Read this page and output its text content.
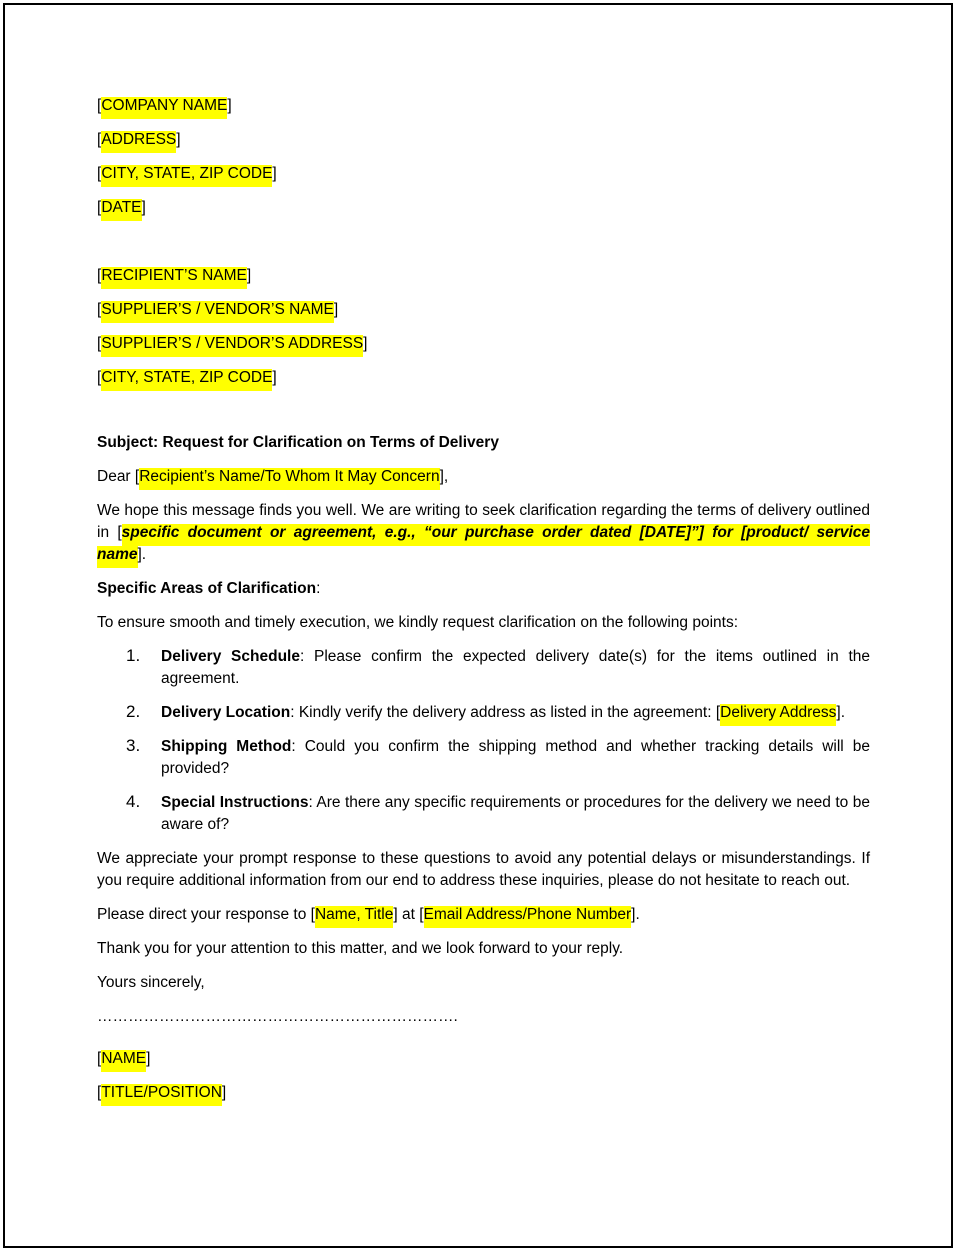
[COMPANY NAME]
[ADDRESS]
[CITY, STATE, ZIP CODE]
[DATE]
[RECIPIENT’S NAME]
[SUPPLIER’S / VENDOR’S NAME]
[SUPPLIER’S / VENDOR’S ADDRESS]
[CITY, STATE, ZIP CODE]
Subject: Request for Clarification on Terms of Delivery
Dear [Recipient’s Name/To Whom It May Concern],
We hope this message finds you well. We are writing to seek clarification regarding the terms of delivery outlined in [specific document or agreement, e.g., “our purchase order dated [DATE]”] for [product/ service name].
Specific Areas of Clarification:
To ensure smooth and timely execution, we kindly request clarification on the following points:
1. Delivery Schedule: Please confirm the expected delivery date(s) for the items outlined in the agreement.
2. Delivery Location: Kindly verify the delivery address as listed in the agreement: [Delivery Address].
3. Shipping Method: Could you confirm the shipping method and whether tracking details will be provided?
4. Special Instructions: Are there any specific requirements or procedures for the delivery we need to be aware of?
We appreciate your prompt response to these questions to avoid any potential delays or misunderstandings. If you require additional information from our end to address these inquiries, please do not hesitate to reach out.
Please direct your response to [Name, Title] at [Email Address/Phone Number].
Thank you for your attention to this matter, and we look forward to your reply.
Yours sincerely,
…………………………………………………………….
[NAME]
[TITLE/POSITION]
